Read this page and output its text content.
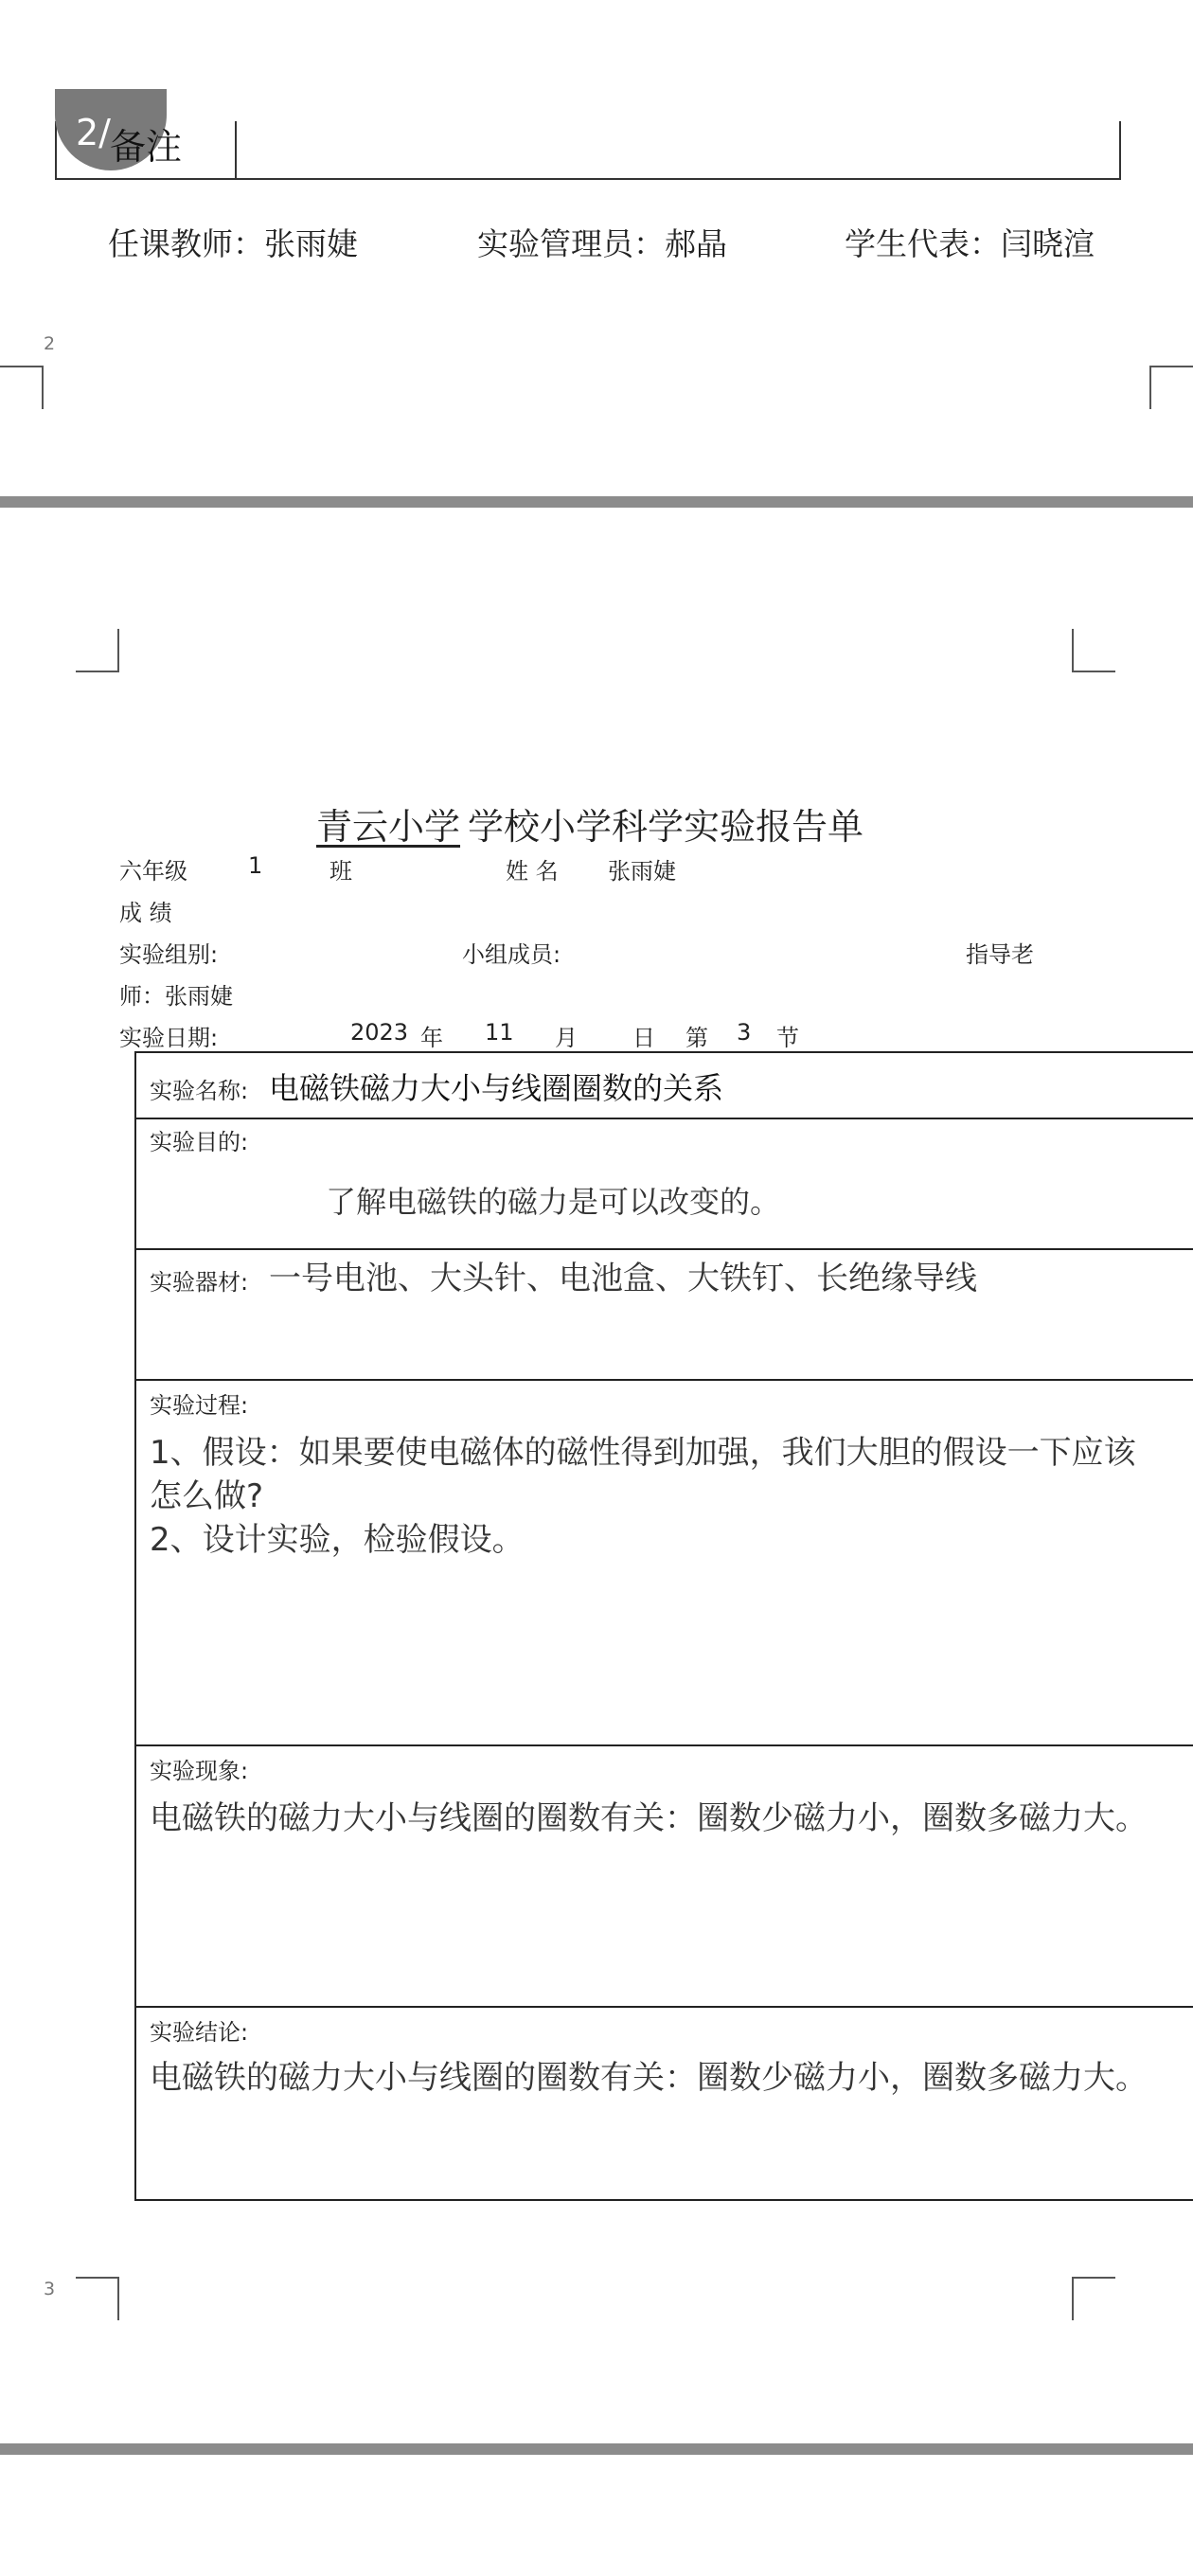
2/ 备注
任课教师：张雨婕	实验管理员：郝晶	学生代表：闫晓渲
2
青云小学 学校小学科学实验报告单
六年级	1	班	姓 名 张雨婕
成 绩
实验组别:	小组成员:	指导老
师：张雨婕
实验日期:	2023 年 11 月 日 第 3 节
实验名称: 电磁铁磁力大小与线圈圈数的关系
实验目的:
了解电磁铁的磁力是可以改变的。
实验器材: 一号电池、大头针、电池盒、大铁钉、长绝缘导线
实验过程:
1、假设：如果要使电磁体的磁性得到加强，我们大胆的假设一下应该
怎么做?
2、设计实验，检验假设。
实验现象:
电磁铁的磁力大小与线圈的圈数有关：圈数少磁力小，圈数多磁力大。
实验结论:
电磁铁的磁力大小与线圈的圈数有关：圈数少磁力小，圈数多磁力大。
3
